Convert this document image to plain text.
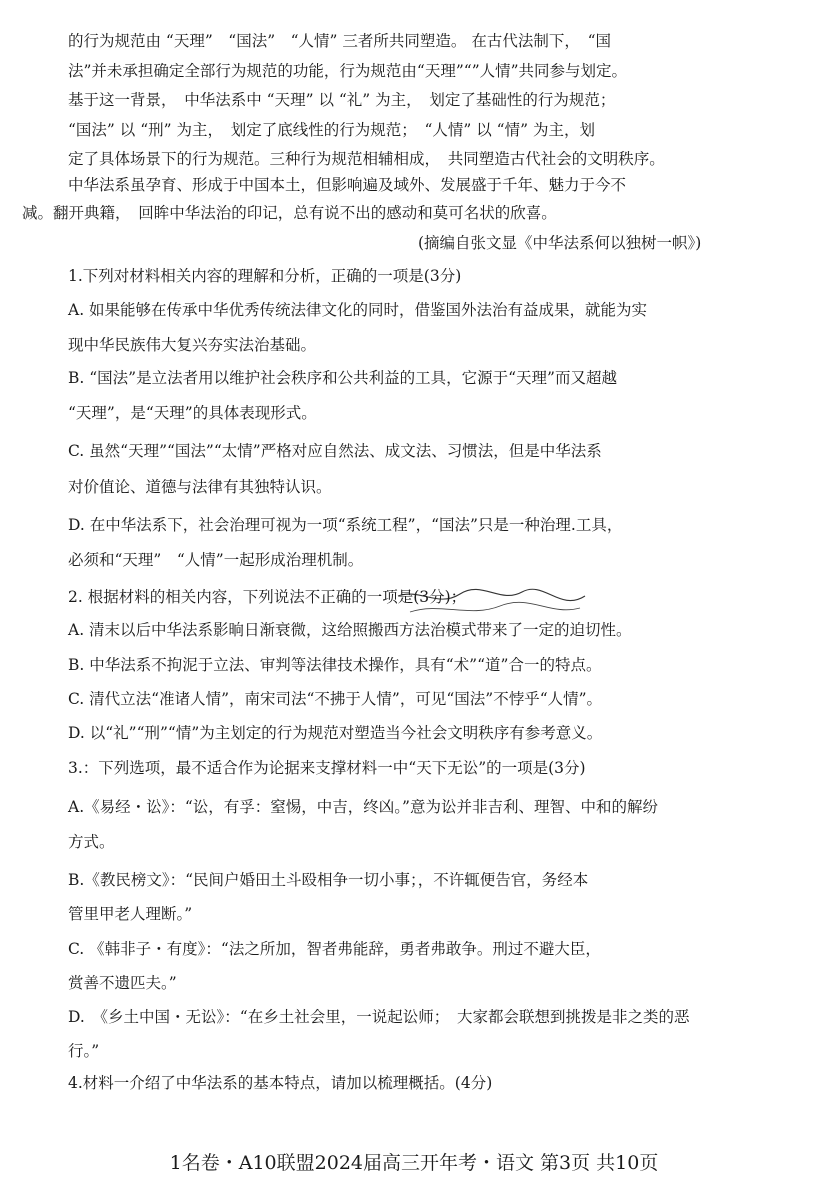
的行为规范由 “天理”　“国法”　“人情” 三者所共同塑造。 在古代法制下，　“国
法”并未承担确定全部行为规范的功能，行为规范由“天理”“”人情”共同参与划定。
基于这一背景，　中华法系中 “天理” 以 “礼” 为主，　划定了基础性的行为规范；
“国法” 以 “刑” 为主，　划定了底线性的行为规范；　“人情” 以 “情” 为主，划
定了具体场景下的行为规范。三种行为规范相辅相成，　共同塑造古代社会的文明秩序。
中华法系虽孕育、形成于中国本土，但影响遍及域外、发展盛于千年、魅力于今不
减。翻开典籍，　回眸中华法治的印记，总有说不出的感动和莫可名状的欣喜。
(摘编自张文显《中华法系何以独树一帜》)
1.下列对材料相关内容的理解和分析，正确的一项是(3分)
A. 如果能够在传承中华优秀传统法律文化的同时，借鉴国外法治有益成果，就能为实
现中华民族伟大复兴夯实法治基础。
B. “国法”是立法者用以维护社会秩序和公共利益的工具，它源于“天理”而又超越
“天理”，是“天理”的具体表现形式。
C. 虽然“天理”“国法”“太情”严格对应自然法、成文法、习惯法，但是中华法系
对价值论、道德与法律有其独特认识。
D. 在中华法系下，社会治理可视为一项“系统工程”，“国法”只是一种治理.工具，
必须和“天理”　“人情”一起形成治理机制。
2. 根据材料的相关内容，下列说法不正确的一项是(3分)；
A. 清末以后中华法系影晌日渐衰微，这给照搬西方法治模式带来了一定的迫切性。
B. 中华法系不拘泥于立法、审判等法律技术操作，具有“术”“道”合一的特点。
C. 清代立法“准诸人情”，南宋司法“不拂于人情”，可见“国法”不悖乎“人情”。
D. 以“礼”“刑”“情”为主划定的行为规范对塑造当今社会文明秩序有参考意义。
3.：下列选项，最不适合作为论据来支撑材料一中“天下无讼”的一项是(3分)
A.《易经・讼》：“讼，有孚：窒惕，中吉，终凶。”意为讼并非吉利、理智、中和的解纷
方式。
B.《教民榜文》：“民间户婚田土斗殴相争一切小事；，不许辄便告官，务经本
管里甲老人理断。”
C. 《韩非子・有度》：“法之所加，智者弗能辞，勇者弗敢争。刑过不避大臣，
赏善不遗匹夫。”
D.　《乡土中国・无讼》：“在乡土社会里，一说起讼师；　大家都会联想到挑拨是非之类的恶
行。”
4.材料一介绍了中华法系的基本特点，请加以梳理概括。(4分)
1名卷・A10联盟2024届高三开年考・语文 第3页 共10页
